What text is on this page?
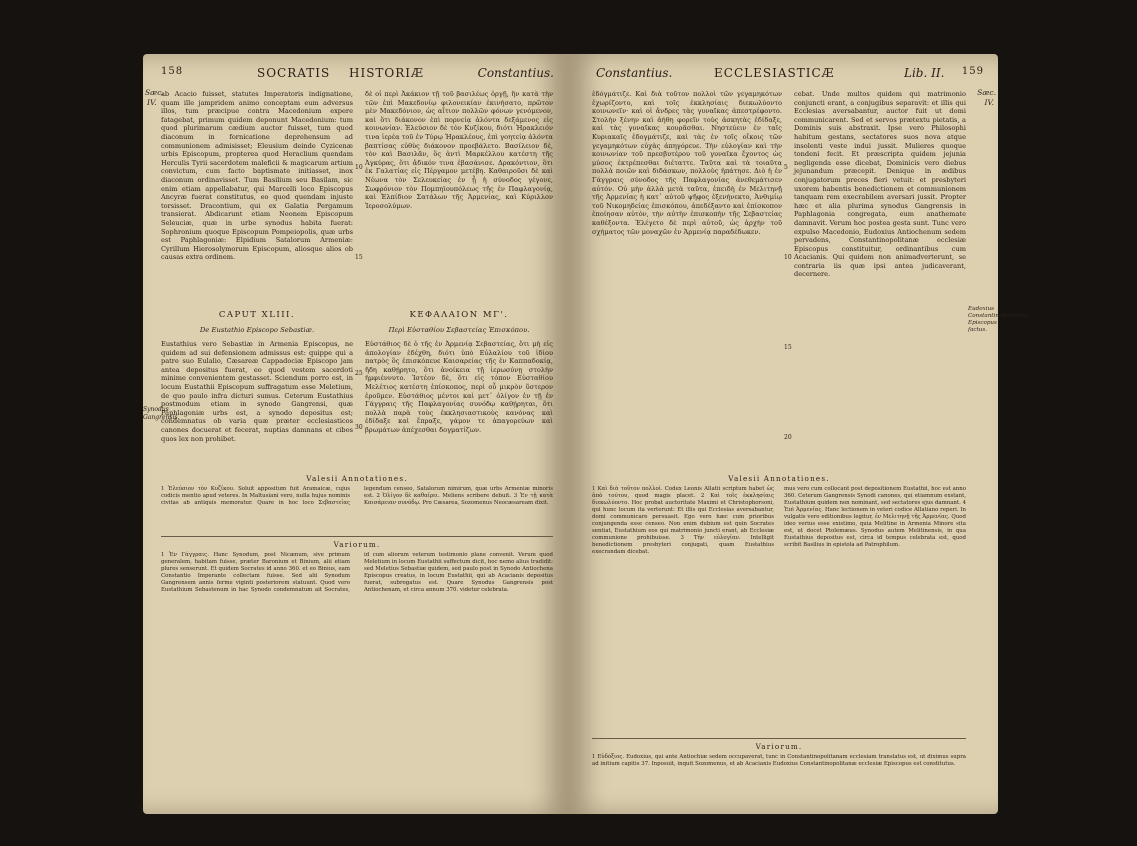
158	SOCRATIS HISTORIÆ	Constantius.
Sæc.
IV.

ab Acacio fuisset, statutes Imperatoris indignatione, quam ille jampridem animo conceptam eum adversus illos, tum præcipue contra Macedonium expere fatagebat, primum quidem deponunt Macedonium: tum quod plurimarum cædium auctor fuisset, tum quod diaconum in fornicatione deprehensum ad communionem admisisset; Eleusium deinde Cyzicenæ urbis Episcopum, propterea quod Heraclium quendam Herculis Tyrii sacerdotem maleficii & magicarum artium convictum, cum facto baptismate initiasset, inox diaconum ordinavisset. Tum Basilium seu Basilam, sic enim etiam appellabatur, qui Marcelli loco Episcopus Ancyræ fuerat constitutus, eo quod quendam injuste torsisset. Dracontium, qui ex Galatia Pergamum transierat. Abdicarunt etiam Neonem Episcopum Seleuciæ, quæ in urbe synodus habita fuerat: Sophronium quoque Episcopum Pompeiopolis, quæ urbs est Paphlagoniæ: Elpidium Satalorum Armeniæ: Cyrillum Hierosolymorum Episcopum, aliosque alios ob causas extra ordinem.

10
15

δὲ οἱ περὶ Ἀκάκιον τῇ τοῦ βασιλέως ὀργῇ, ἣν κατὰ τὴν τῶν ἐπὶ Μακεδονίῳ φιλονεικίαν ἐκινήσατο, πρῶτον μὲν Μακεδόνιον, ὡς αἴτιον πολλῶν φόνων γενόμενον, καὶ ὅτι διάκονον ἐπὶ πορνείᾳ ἁλόντα δεξάμενος εἰς κοινωνίαν. Ἐλεύσιον δὲ τὸν Κυζίκου, διότι Ἡρακλειόν τινα ἱερέα τοῦ ἐν Τύρῳ Ἡρακλέους, ἐπὶ γοητείᾳ ἁλόντα βαπτίσας εὐθὺς διάκονον προεβάλετο. Βασίλειον δέ, τὸν καὶ Βασιλᾶν, ὃς ἀντὶ Μαρκέλλου κατέστη τῆς Ἀγκύρας, ὅτι ἄδικόν τινα ἐβασάνισε. Δρακόντιον, ὃτι ἐκ Γαλατίας εἰς Πέργαμον μετέβη. Καθαιροῦσι δὲ καὶ Νέωνα τὸν Σελευκείας ἐν ᾗ ἡ σύνοδος γέγονε, Σωφρόνιον τὸν Πομπηϊουπόλεως τῆς ἐν Παφλαγονίᾳ, καὶ Ἐλπίδιον Σατάλων τῆς Ἀρμενίας, καὶ Κύριλλον Ἱεροσολύμων.

CAPUT XLIII.	ΚΕΦΑΛΑΙΟΝ ΜΓ'.
De Eustathio Episcopo Sebastiæ.	Περὶ Εὐσταθίου Σεβαστείας Ἐπισκόπου.
Synodus Gangrensis.

Eustathius vero Sebastiæ in Armenia Episcopus, ne quidem ad sui defensionem admissus est: quippe qui a patre suo Eulalio, Cæsareæ Cappadociæ Episcopo jam antea depositus fuerat, eo quod vestem sacerdoti minime convenientem gestasset. Sciendum porro est, in locum Eustathii Episcopum suffragatum esse Meletium, de quo paulo infra dicturi sumus. Ceterum Eustathius postmodum etiam in synodo Gangrensi, quæ Paphlagoniæ urbs est, a synodo depositus est; condemnatus ob varia quæ præter ecclesiasticos canones docuerat et fecerat, nuptias damnans et cibos quos lex non prohibet.

25
30

Εὐστάθιος δὲ ὁ τῆς ἐν Ἀρμενίᾳ Σεβαστείας, ὅτι μὴ εἰς ἀπολογίαν ἐδέχθη, διότι ὑπὸ Εὐλαλίου τοῦ ἰδίου πατρὸς ὃς ἐπισκόπευε Καισαρείας τῆς ἐν Καππαδοκίᾳ, ἤδη καθῄρητο, ὅτι ἀνοίκεια τῇ ἱερωσύνῃ στολὴν ἠμφιέννυτο. Ἰστέον δὲ, ὅτι εἰς τόπον Εὐσταθίου Μελέτιος κατέστη ἐπίσκοπος, περὶ οὗ μικρὸν ὕστερον ἐροῦμεν. Εὐστάθιος μέντοι καὶ μετ᾽ ὀλίγον ἐν τῇ ἐν Γάγγραις τῆς Παφλαγονίας συνόδῳ καθῄρηται, ὅτι πολλὰ παρὰ τοὺς ἐκκλησιαστικοὺς κανόνας καὶ ἐδίδαξε καὶ ἔπραξε, γάμον τε ἀπαγορεύων καὶ βρωμάτων ἀπέχεσθαι δογματίζων.

Valesii Annotationes.

1 Ἐλεύσιον τὸν Κυζίκου. Soluit appositum fuit Aramaicæ, cujus codicis mentio apud veteres. In Maltusiani vero, nulla hujus nominis civitas ab antiquis memoratur. Quare in hoc loco Σεβαστείας legendum censeo, Satalorum nimirum, quæ urbs Armeniæ minoris est. 2 Ὀλίγον δὲ καθαίρει. Meliens scribere debuit. 3 Ἐν τῇ κατὰ Καισάρειαν συνόδῳ. Pro Cæsarea, Sozomenus Neocæsaream dixit.

Variorum.

1 Ἐν Γάγγραις. Hanc Synodum, post Nicænum, sive primum generalem, habitam fuisse, præter Baronium et Binium, alii etiam plures senserunt. Et quidem Socrates id anno 360. et eo Binius, eam Constantio Imperante collectam fuisse. Sed alii Synodum Gangrensem annis ferme viginti posteriorem statuunt. Quod vero Eustathium Sebastenum in hac Synodo condemnatum ait Socrates, id cum aliorum veterum testimonio plane convenit. Verum quod Meletium in locum Eustathii suffectum dicit, hoc nemo alius tradidit: sed Meletius Sebastiæ quidem, sed paulo post in Synodo Antiochena Episcopus creatus, in locum Eustathii, qui ab Acacianis depositus fuerat, subrogatus est. Quare Synodus Gangrensis post Antiochenam, et circa annum 370. videtur celebrata.

Constantius.	ECCLESIASTICÆ	Lib. II. 159
Sæc.
IV.

ἐδόγμάτιζε. Καὶ διὰ τοῦτον πολλοὶ τῶν γεγαμηκότων ἐχωρίζοντο, καὶ τοῖς ἐκκλησίαις διεκωλύοντο κοινωνεῖν· καὶ οἱ ἄνδρες τὰς γυναῖκας ἀπεστρέφοντο. Στολὴν ξένην καὶ ἀήθη φορεῖν τοὺς ἀσκητὰς ἐδίδαξε, καὶ τὰς γυναῖκας κουρᾶσθαι. Νηστεύειν ἐν ταῖς Κυριακαῖς ἐδογμάτιζε, καὶ τὰς ἐν τοῖς οἴκοις τῶν γεγαμηκότων εὐχὰς ἀπηγόρευε. Τὴν εὐλογίαν καὶ τὴν κοινωνίαν τοῦ πρεσβυτέρου τοῦ γυναῖκα ἔχοντος ὡς μύσος ἐκτρέπεσθαι διέταττε. Ταῦτα καὶ τὰ τοιαῦτα πολλὰ ποιῶν καὶ διδάσκων, πολλοὺς ἠπάτησε. Διὸ ἡ ἐν Γάγγραις σύνοδος τῆς Παφλαγονίας ἀνεθεμάτισεν αὐτόν. Οὐ μὴν ἀλλὰ μετὰ ταῦτα, ἐπειδὴ ἐν Μελιτηνῇ τῆς Ἀρμενίας ἡ κατ᾽ αὐτοῦ ψῆφος ἐξενήνεκτο, Ἀνθιμίῳ τοῦ Νικομηδείας ἐπισκόπου, ἀπεδέξαντο καὶ ἐπίσκοπον ἐποίησαν αὐτὸν, τὴν αὐτὴν ἐπισκοπὴν τῆς Σεβαστείας καθέξοντα. Ἐλέγετο δὲ περὶ αὐτοῦ, ὡς ἀρχὴν τοῦ σχήματος τῶν μοναχῶν ἐν Ἀρμενίᾳ παραδέδωκεν.

5
10
15
20

cebat. Unde multos quidem qui matrimonio conjuncti erant, a conjugibus separavit: et illis qui Ecclesias aversabantur, auctor fuit ut domi communicarent. Sed et servos prætextu pietatis, a Dominis suis abstraxit. Ipse vero Philosophi habitum gestans, sectatores suos nova atque insolenti veste indui jussit. Mulieres quoque tondeni fecit. Et præscripta quidem jejunia negligenda esse dicebat, Dominicis vero diebus jejunandum præcepit. Denique in ædibus conjugatorum preces fieri vetuit: et presbyteri uxorem habentis benedictionem et communionem tanquam rem execrabilem aversari jussit. Propter hæc et alia plurima synodus Gangrensis in Paphlagonia congregata, eum anathemate damnavit. Verum hoc postea gesta sunt. Tunc vero expulso Macedonio, Eudoxius Antiochenum sedem pervadens, Constantinopolitanæ ecclesiæ Episcopus constituitur, ordinantibus cum Acacianis. Qui quidem non animadverterunt, se contraria iis quæ ipsi antea judicaverant, decernere.

Eudoxius Constantinopolitanus Episcopus factus.
Valesii Annotationes.

1 Καὶ διὰ τοῦτον πολλοὶ. Codex Leonis Allatii scriptum habet ὡς ἀπὸ τούτου, quod magis placet. 2 Καὶ τοῖς ἐκκλησίαις διεκωλύοντο. Hoc probat auctoritate Maximi et Christophorsoni, qui hunc locum ita verterunt: Et illis qui Ecclesias aversabantur, domi communicare persuasit. Ego vero hæc cum prioribus conjungenda esse censeo. Non enim dubium est quin Socrates sentiat, Eustathium eos qui matrimonio juncti erant, ab Ecclesiæ communione prohibuisse. 3 Τὴν εὐλογίαν. Intelligit benedictionem presbyteri conjugati, quam Eustathius execrandam dicebat.

mus vero cum collocant post depositionem Eustathii, hoc est anno 360. Ceterum Gangrensis Synodi canones, qui etiamnum exstant, Eustathium quidem non nominant, sed sectatores ejus damnant. 4 Ἐπὶ Ἀρμενίας. Hanc lectionem in veteri codice Allatiano reperi. In vulgatis vero editionibus legitur, ἐν Μελιτηνῇ τῆς Ἀρμενίας. Quod ideo verius esse existimo, quia Melitine in Armenia Minore sita est, ut docet Ptolemæus. Synodus autem Melitinensis, in qua Eustathius depositus est, circa id tempus celebrata est, quod scribit Basilius in epistola ad Patrophilum.

Variorum.

1 Εὐδόξιος. Eudoxius, qui ante Antiochiæ sedem occupaverat, tunc in Constantinopolitanam ecclesiam translatus est, ut diximus supra ad initium capitis 37. Inposuit, inquit Sozomenus, et ab Acacianis Eudoxius Constantinopolitanæ ecclesiæ Episcopus est constitutus.
